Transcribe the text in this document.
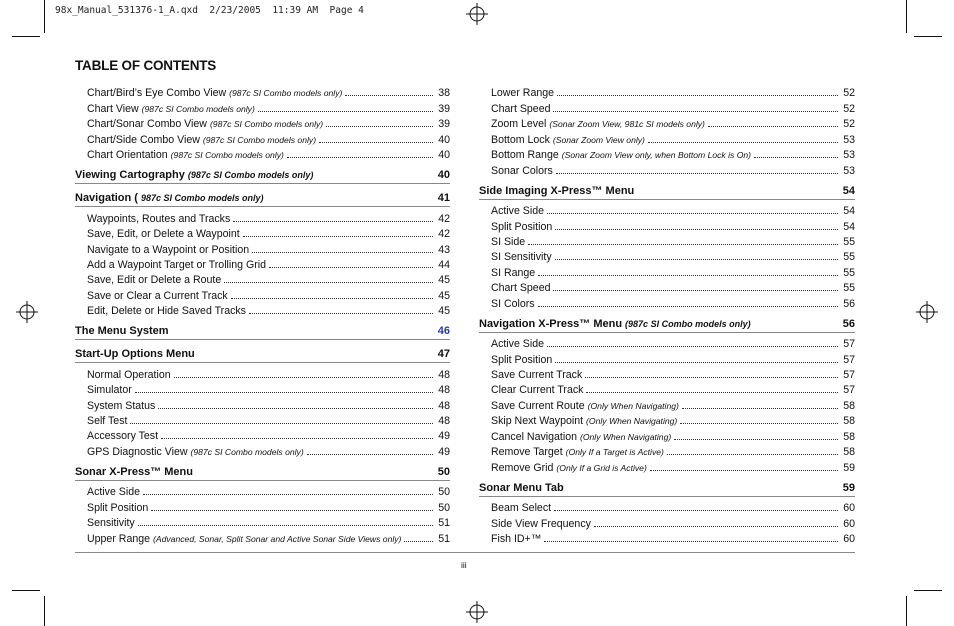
98x_Manual_531376-1_A.qxd  2/23/2005  11:39 AM  Page 4
TABLE OF CONTENTS
Chart/Bird’s Eye Combo View (987c SI Combo models only)	38
Chart View (987c SI Combo models only)	39
Chart/Sonar Combo View (987c SI Combo models only)	39
Chart/Side Combo View (987c SI Combo models only)	40
Chart Orientation (987c SI Combo models only)	40
Viewing Cartography (987c SI Combo models only)	40
Navigation ( 987c SI Combo models only)	41
Waypoints, Routes and Tracks	42
Save, Edit, or Delete a Waypoint	42
Navigate to a Waypoint or Position	43
Add a Waypoint Target or Trolling Grid	44
Save, Edit or Delete a Route	45
Save or Clear a Current Track	45
Edit, Delete or Hide Saved Tracks	45
The Menu System	46
Start-Up Options Menu	47
Normal Operation	48
Simulator	48
System Status	48
Self Test	48
Accessory Test	49
GPS Diagnostic View (987c SI Combo models only)	49
Sonar X-Press™ Menu	50
Active Side	50
Split Position	50
Sensitivity	51
Upper Range (Advanced, Sonar, Split Sonar and Active Sonar Side Views only)	51
Lower Range	52
Chart Speed	52
Zoom Level (Sonar Zoom View, 981c SI models only)	52
Bottom Lock (Sonar Zoom View only)	53
Bottom Range (Sonar Zoom View only, when Bottom Lock is On)	53
Sonar Colors	53
Side Imaging X-Press™ Menu	54
Active Side	54
Split Position	54
SI Side	55
SI Sensitivity	55
SI Range	55
Chart Speed	55
SI Colors	56
Navigation X-Press™ Menu (987c SI Combo models only)	56
Active Side	57
Split Position	57
Save Current Track	57
Clear Current Track	57
Save Current Route (Only When Navigating)	58
Skip Next Waypoint (Only When Navigating)	58
Cancel Navigation (Only When Navigating)	58
Remove Target (Only If a Target is Active)	58
Remove Grid (Only If a Grid is Active)	59
Sonar Menu Tab	59
Beam Select	60
Side View Frequency	60
Fish ID+™	60
iii
